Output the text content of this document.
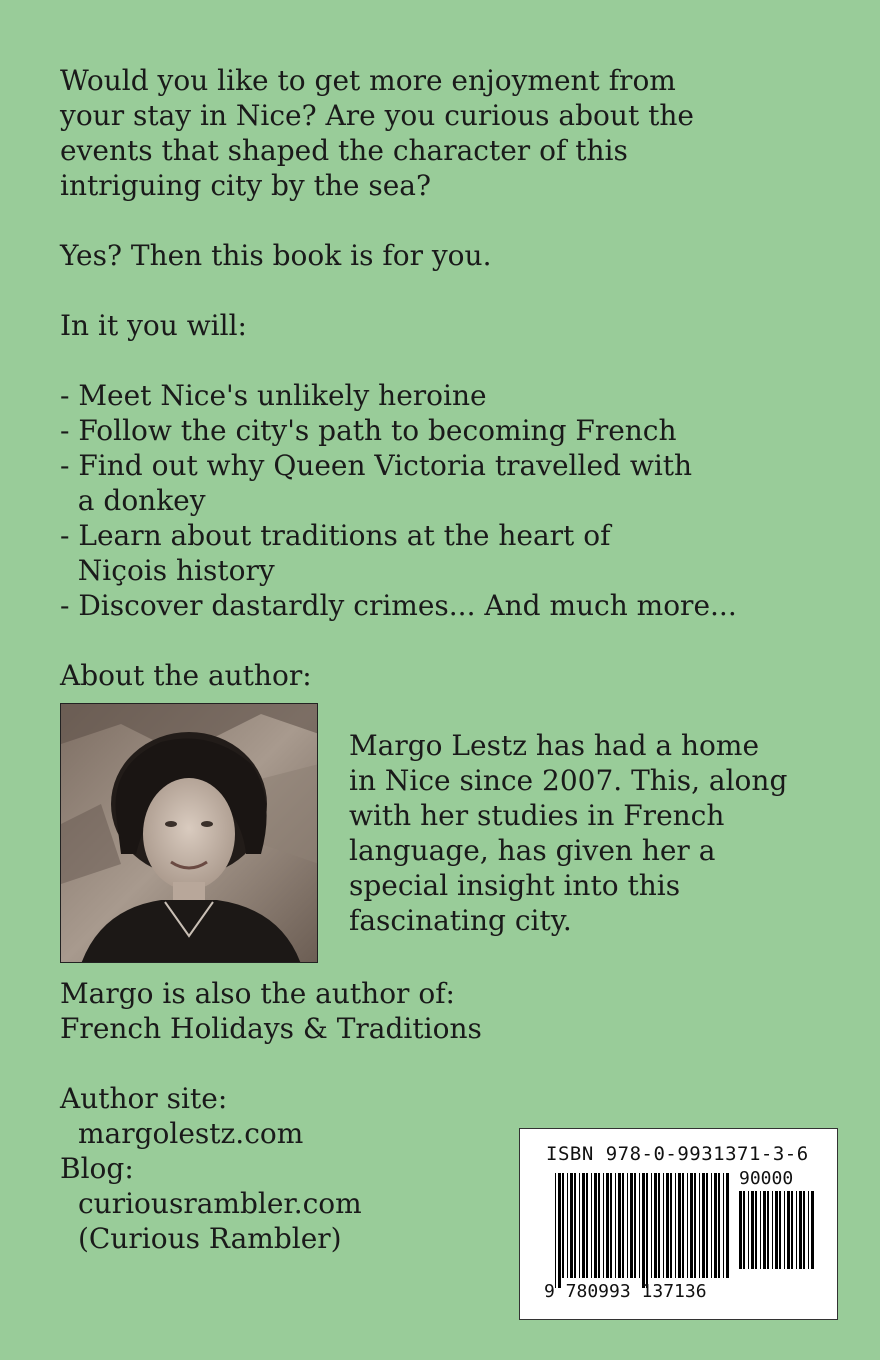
Would you like to get more enjoyment from
your stay in Nice? Are you curious about the
events that shaped the character of this
intriguing city by the sea?
Yes? Then this book is for you.
In it you will:
- Meet Nice's unlikely heroine
- Follow the city's path to becoming French
- Find out why Queen Victoria travelled with
a donkey
- Learn about traditions at the heart of
Niçois history
- Discover dastardly crimes... And much more...
About the author:
Margo Lestz has had a home
in Nice since 2007. This, along
with her studies in French
language, has given her a
special insight into this
fascinating city.
Margo is also the author of:
French Holidays & Traditions
Author site:
margolestz.com
Blog:
curiousrambler.com
(Curious Rambler)
ISBN 978-0-9931371-3-6
90000
9 780993 137136
